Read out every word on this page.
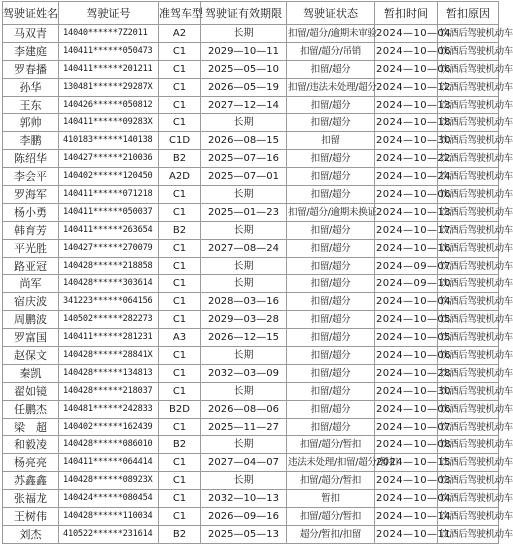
驾驶证姓名	驾驶证号	准驾车型	驾驶证有效期限	驾驶证状态	暂扣时间	暂扣原因
马双青	14040******7Z2011	A2	长期	扣留/超分/逾期未审验	2024—10—04	饮酒后驾驶机动车
李建庭	140411******050473	C1	2029—10—11	扣留/超分/吊销	2024—10—06	饮酒后驾驶机动车
罗春播	140411******201211	C1	2025—05—10	扣留/超分	2024—10—06	饮酒后驾驶机动车
孙华	130481******29287X	C1	2026—05—19	扣留/违法未处理/超分	2024—10—12	饮酒后驾驶机动车
王东	140426******050812	C1	2027—12—14	扣留/超分	2024—10—13	饮酒后驾驶机动车
郭帅	140411******09283X	C1	长期	扣留/超分	2024—10—18	饮酒后驾驶机动车
李鹏	410183******140138	C1D	2026—08—15	扣留	2024—10—30	饮酒后驾驶机动车
陈绍华	140427******210036	B2	2025—07—16	扣留/超分	2024—10—22	饮酒后驾驶机动车
李会平	140402******120450	A2D	2025—07—01	扣留/超分	2024—10—24	饮酒后驾驶机动车
罗海军	140411******071218	C1	长期	扣留/超分	2024—10—06	饮酒后驾驶机动车
杨小勇	140411******050037	C1	2025—01—23	扣留/超分/逾期未换证	2024—10—13	饮酒后驾驶机动车
韩育芳	140411******263654	B2	长期	扣留/超分	2024—10—17	饮酒后驾驶机动车
平光胜	140427******270079	C1	2027—08—24	扣留/超分	2024—10—16	饮酒后驾驶机动车
路亚冠	140428******218858	C1	长期	扣留/超分	2024—09—07	饮酒后驾驶机动车
尚军	140428******303614	C1	长期	扣留/超分	2024—09—10	饮酒后驾驶机动车
宿庆波	341223******064156	C1	2028—03—16	扣留/超分	2024—10—04	饮酒后驾驶机动车
周鹏波	140502******282273	C1	2029—03—28	扣留/超分	2024—10—05	饮酒后驾驶机动车
罗富国	140411******281231	A3	2026—12—15	扣留/超分	2024—10—05	饮酒后驾驶机动车
赵保文	140428******28841X	C1	长期	扣留/超分	2024—10—06	饮酒后驾驶机动车
秦凯	140428******134813	C1	2032—03—09	扣留/超分	2024—10—28	饮酒后驾驶机动车
翟如镜	140428******218037	C1	长期	扣留/超分	2024—10—30	饮酒后驾驶机动车
任鹏杰	140481******242833	B2D	2026—08—06	扣留/超分	2024—10—06	饮酒后驾驶机动车
梁　超	140402******162439	C1	2025—11—27	扣留/超分	2024—10—07	饮酒后驾驶机动车
和毅凌	140428******086010	B2	长期	扣留/超分/暂扣	2024—10—08	饮酒后驾驶机动车
杨亮亮	140411******064414	C1	2027—04—07	违法未处理/扣留/超分/暂扣	2024—10—15	饮酒后驾驶机动车
苏鑫鑫	140428******08923X	C1	长期	扣留/超分/暂扣	2024—10—03	饮酒后驾驶机动车
张福龙	140424******080454	C1	2032—10—13	暂扣	2024—10—04	饮酒后驾驶机动车
王树伟	140428******110034	C1	2026—09—16	扣留/超分/暂扣	2024—10—14	饮酒后驾驶机动车
刘杰	410522******231614	B2	2025—05—13	超分/暂扣/扣留	2024—10—11	饮酒后驾驶机动车
